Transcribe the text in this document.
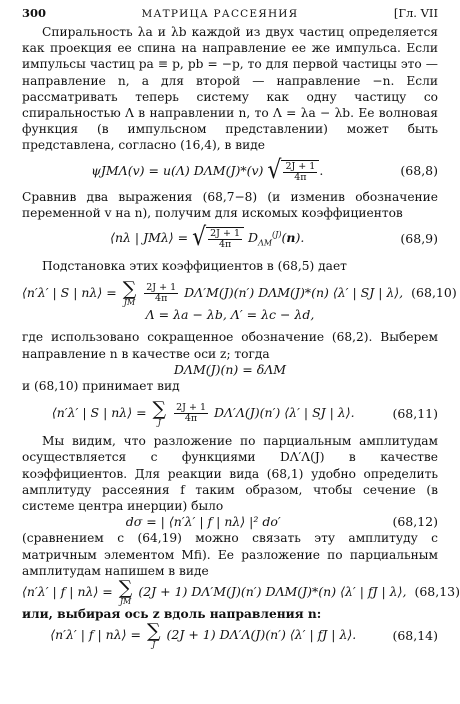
300	МАТРИЦА РАССЕЯНИЯ	[Гл. VII

Спиральность λa и λb каждой из двух частиц определяется как проекция ее спина на направление ее же импульса. Если импульсы частиц pa ≡ p, pb = −p, то для первой частицы это — направление n, а для второй — направление −n. Если рассматривать теперь систему как одну частицу со спиральностью Λ в направлении n, то Λ = λa − λb. Ее волновая функция (в импульсном представлении) может быть представлена, согласно (16,4), в виде

ψJMΛ(v) = u(Λ) DΛM(J)*(v) √ $\frac{2J + 1}{4\pi}$ .	(68,8)

Сравнив два выражения (68,7−8) (и изменив обозначение переменной v на n), получим для искомых коэффициентов

⟨nλ | JMλ⟩ = √ $\frac{2J + 1}{4\pi} D_{\Lambda M}^{(J)}(n)$.	(68,9)

Подстановка этих коэффициентов в (68,5) дает

⟨n′λ′ | S | nλ⟩ = ∑
JM
$\frac{2J + 1}{4\pi} D\Lambda'M(J)(n')$ DΛM(J)*(n) ⟨λ′ | SJ | λ⟩, (68,10)
Λ = λa − λb, Λ′ = λc − λd,

где использовано сокращенное обозначение (68,2). Выберем направление n в качестве оси z; тогда

DΛM(J)(n) = δΛM

и (68,10) принимает вид

⟨n′λ′ | S | nλ⟩ = ∑
J
$\frac{2J + 1}{4\pi} D\Lambda'\Lambda(J)(n')$ ⟨λ′ | SJ | λ⟩.	(68,11)

Мы видим, что разложение по парциальным амплитудам осуществляется с функциями DΛ′Λ(J) в качестве коэффициентов. Для реакции вида (68,1) удобно определить амплитуду рассеяния f таким образом, чтобы сечение (в системе центра инерции) было

dσ = | ⟨n′λ′ | f | nλ⟩ |² do′	(68,12)

(сравнением с (64,19) можно связать эту амплитуду с матричным элементом Mfi). Ее разложение по парциальным амплитудам напишем в виде

⟨n′λ′ | f | nλ⟩ = ∑
JM
(2J + 1) DΛ′M(J)(n′) DΛM(J)*(n) ⟨λ′ | fJ | λ⟩, (68,13)

или, выбирая ось z вдоль направления n:

⟨n′λ′ | f | nλ⟩ = ∑
J
(2J + 1) DΛ′Λ(J)(n′) ⟨λ′ | fJ | λ⟩.	(68,14)
